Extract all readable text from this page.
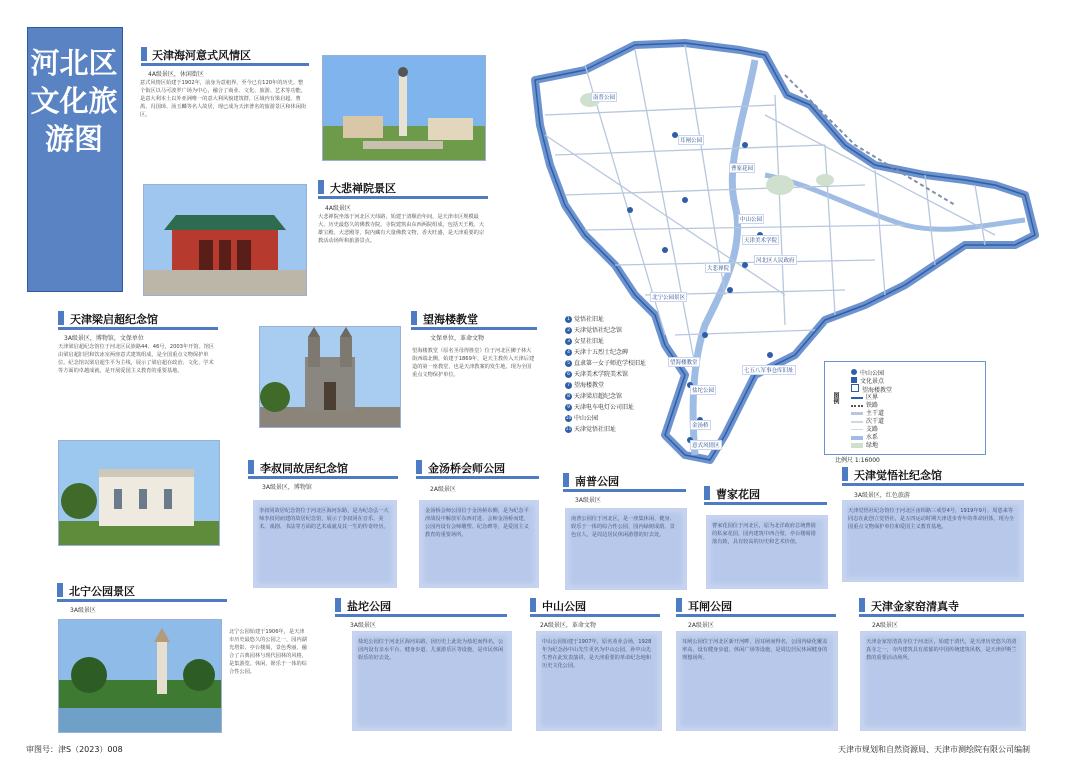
河北区文化旅游图
天津海河意式风情区
4A级景区，休闲街区
意式风情区始建于1902年，前身为意租界，至今已有120年的历史。整个街区以马可波罗广场为中心，融合了商业、文化、旅游、艺术等功能，是意大利本土以外亚洲唯一的意大利风貌建筑群，区域内有梁启超、曹禺、冯国璋、汤玉麟等名人故居，现已成为天津著名的旅游景区和休闲街区。
大悲禅院景区
4A级景区
大悲禅院坐落于河北区天纬路，始建于清顺治年间，是天津市区规模最大、历史最悠久的佛教寺院。寺院建筑由东西两院组成，包括天王殿、大雄宝殿、大悲殿等，院内藏有大量佛教文物，香火旺盛，是天津重要的宗教活动场所和旅游景点。
天津梁启超纪念馆
3A级景区，博物馆，文保单位
天津梁启超纪念馆位于河北区民族路44、46号，2003年开馆。馆区由梁启超旧居和饮冰室两座意式建筑组成，是全国重点文物保护单位。纪念馆以梁启超生平为主线，展示了梁启超在政治、文化、学术等方面的卓越成就，是开展爱国主义教育的重要基地。
望海楼教堂
文保单位，革命文物
望海楼教堂（原名圣母得胜堂）位于河北区狮子林大街西端北侧，始建于1869年，是天主教传入天津后建造的第一座教堂，也是天津教案的发生地，现为全国重点文物保护单位。
李叔同故居纪念馆
3A级景区，博物馆
李叔同故居纪念馆位于河北区海河东路，是为纪念弘一大师李叔同而建的故居纪念馆，展示了李叔同在音乐、美术、戏剧、书法等方面的艺术成就及其一生的传奇经历。
金汤桥会师公园
2A级景区
金汤桥会师公园位于金汤桥东侧，是为纪念平津战役中解放军东西对进、会师金汤桥而建，公园内设有会师雕塑、纪念碑等，是爱国主义教育的重要场所。
南普公园
3A级景区
南普公园位于河北区，是一座集休闲、健身、娱乐于一体的综合性公园，园内绿树成荫、景色宜人，是周边居民休闲游憩的好去处。
曹家花园
曹家花园位于河北区，原为北洋政府总统曹锟的私家花园，园内建筑中西合璧，亭台楼阁错落有致，具有较高的历史和艺术价值。
天津觉悟社纪念馆
3A级景区，红色旅游
天津觉悟社纪念馆位于河北区宙纬路三戒里4号，1919年9月，周恩来等同志在此创立觉悟社，是五四运动时期天津进步青年的革命团体，现为全国重点文物保护单位和爱国主义教育基地。
北宁公园景区
3A级景区
北宁公园始建于1906年，是天津市历史最悠久的公园之一，园内湖光塔影、亭台楼阁，景色秀丽，融合了古典园林与现代园林的风格，是集游览、休闲、娱乐于一体的综合性公园。
盐坨公园
3A级景区
盐坨公园位于河北区海河东路，因历史上此处为盐坨而得名，公园内设有亲水平台、健身步道、儿童游乐区等设施，是市民休闲娱乐的好去处。
中山公园
2A级景区，革命文物
中山公园始建于1907年，原名劝业会场，1928年为纪念孙中山先生更名为中山公园，孙中山先生曾在此发表演讲，是天津重要的革命纪念地和历史文化公园。
耳闸公园
2A级景区
耳闸公园位于河北区新开河畔，因耳闸而得名，公园内绿化覆盖率高，设有健身步道、休闲广场等设施，是周边居民休闲健身的理想场所。
天津金家窑清真寺
2A级景区
天津金家窑清真寺位于河北区，始建于清代，是天津历史悠久的清真寺之一，寺内建筑具有浓郁的中国传统建筑风格，是天津伊斯兰教的重要活动场所。
南普公园
北宁公园景区
天津美术学院
河北区人民政府
中山公园
大悲禅院
望海楼教堂
金汤桥
意式风情区
耳闸公园
盐坨公园
曹家花园
七五八军事仓库旧址
1 觉悟社旧址
2 天津觉悟社纪念馆
3 女星社旧址
4 天津十五烈士纪念碑
5 直隶第一女子师范学校旧址
6 天津美术学院美术馆
7 望海楼教堂
8 天津梁启超纪念馆
9 天津电车电灯公司旧址
10 中山公园
11 天津觉悟社旧址
图例
中山公园
文化景点
望海楼教堂
区界
铁路
主干道
次干道
支路
水系
绿地
比例尺 1:16000
审图号：津S（2023）008	天津市规划和自然资源局、天津市测绘院有限公司编制
